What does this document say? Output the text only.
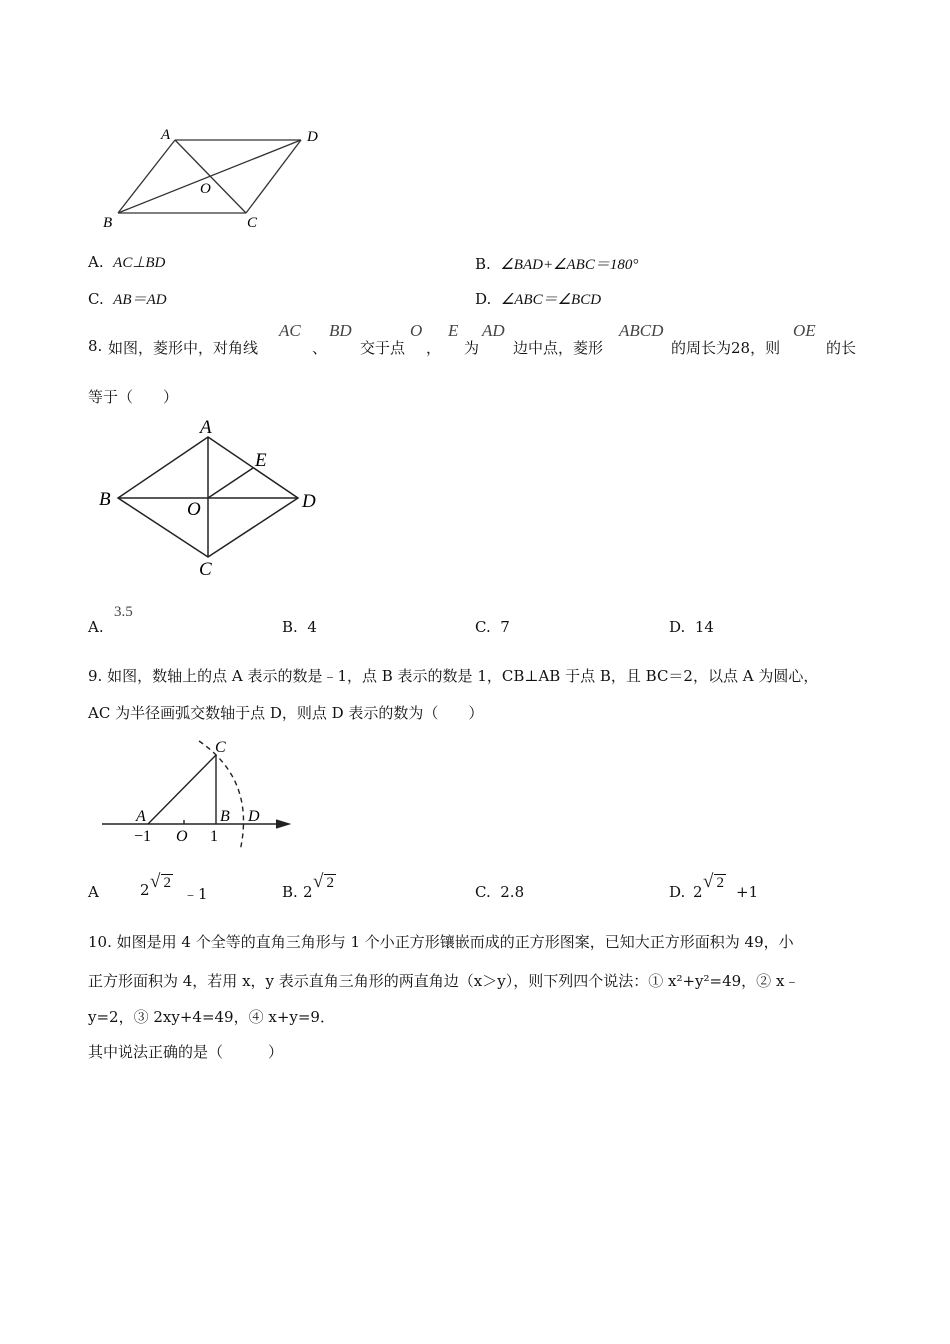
A	D
O
B	C
A. AC⊥BD	B. ∠BAD+∠ABC＝180°
C. AB＝AD	D. ∠ABC＝∠BCD
8. 如图，菱形中，对角线
AC
、
BD
交于点
O
，
E
为
AD
边中点，菱形
ABCD
的周长为28，则
OE
的长
等于（　　）
A
E
B	D
O
C
A.
3.5
B. 4	C. 7	D. 14
9. 如图，数轴上的点 A 表示的数是﹣1，点 B 表示的数是 1，CB⊥AB 于点 B，且 BC＝2，以点 A 为圆心，
AC 为半径画弧交数轴于点 D，则点 D 表示的数为（　　）
C
A	B D
−1 O 1
A	2 √ 2
﹣1	B. 2 √ 2	C. 2.8	D. 2 √ 2 +1
10. 如图是用 4 个全等的直角三角形与 1 个小正方形镶嵌而成的正方形图案，已知大正方形面积为 49，小
正方形面积为 4，若用 x，y 表示直角三角形的两直角边（x＞y），则下列四个说法：① x²+y²=49，② x﹣
y=2，③ 2xy+4=49，④ x+y=9．
其中说法正确的是（　　　）
